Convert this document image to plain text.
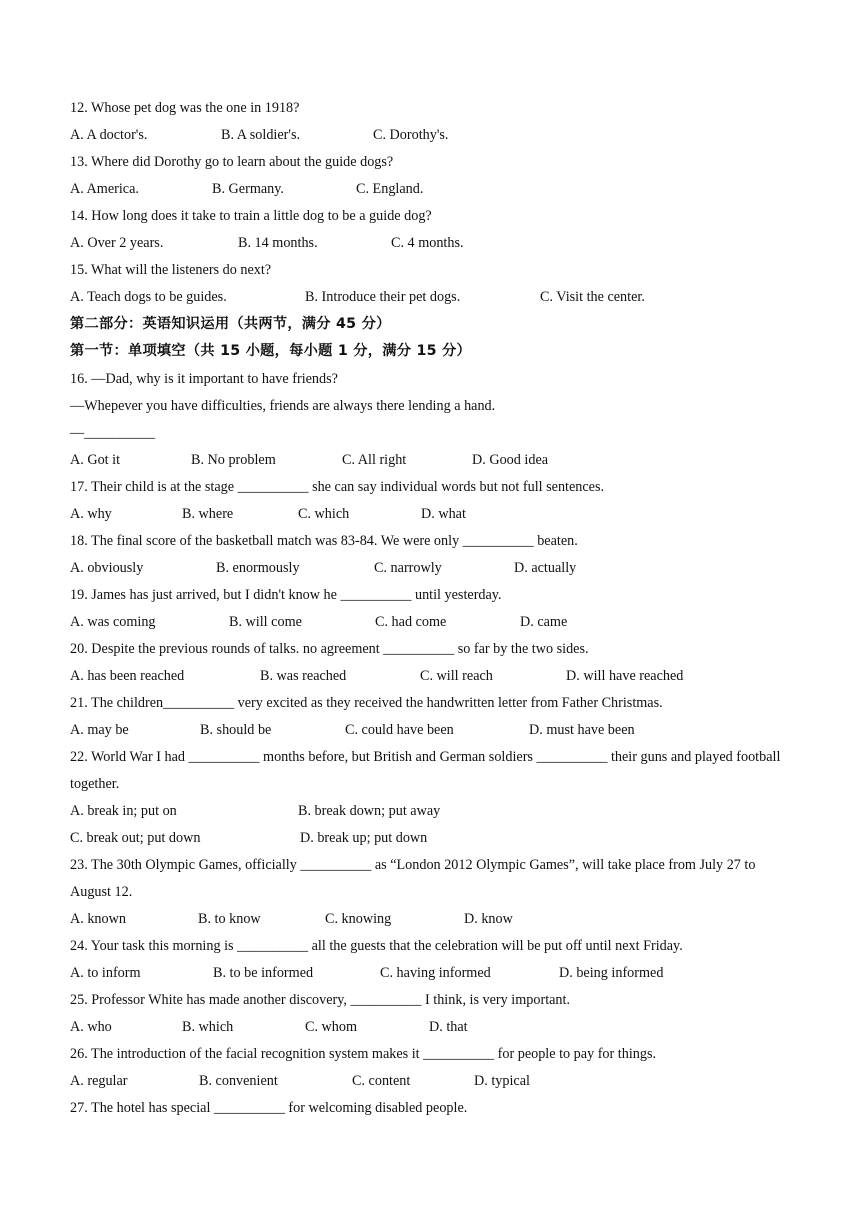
12. Whose pet dog was the one in 1918?
A. A doctor's.	B. A soldier's.	C. Dorothy's.
13. Where did Dorothy go to learn about the guide dogs?
A. America.	B. Germany.	C. England.
14. How long does it take to train a little dog to be a guide dog?
A. Over 2 years.	B. 14 months.	C. 4 months.
15. What will the listeners do next?
A. Teach dogs to be guides.	B. Introduce their pet dogs.	C. Visit the center.
第二部分：英语知识运用（共两节，满分 45 分）
第一节：单项填空（共 15 小题，每小题 1 分，满分 15 分）
16. —Dad, why is it important to have friends?
—Whepever you have difficulties, friends are always there lending a hand.
—__________
A. Got it	B. No problem	C. All right	D. Good idea
17. Their child is at the stage __________ she can say individual words but not full sentences.
A. why	B. where	C. which	D. what
18. The final score of the basketball match was 83-84. We were only __________ beaten.
A. obviously	B. enormously	C. narrowly	D. actually
19. James has just arrived, but I didn't know he __________ until yesterday.
A. was coming	B. will come	C. had come	D. came
20. Despite the previous rounds of talks. no agreement __________ so far by the two sides.
A. has been reached	B. was reached	C. will reach	D. will have reached
21. The children__________ very excited as they received the handwritten letter from Father Christmas.
A. may be	B. should be	C. could have been	D. must have been
22. World War I had __________ months before, but British and German soldiers __________ their guns and played football together.
A. break in; put on	B. break down; put away
C. break out; put down	D. break up; put down
23. The 30th Olympic Games, officially __________ as “London 2012 Olympic Games”, will take place from July 27 to August 12.
A. known	B. to know	C. knowing	D. know
24. Your task this morning is __________ all the guests that the celebration will be put off until next Friday.
A. to inform	B. to be informed	C. having informed	D. being informed
25. Professor White has made another discovery, __________ I think, is very important.
A. who	B. which	C. whom	D. that
26. The introduction of the facial recognition system makes it __________ for people to pay for things.
A. regular	B. convenient	C. content	D. typical
27. The hotel has special __________ for welcoming disabled people.
